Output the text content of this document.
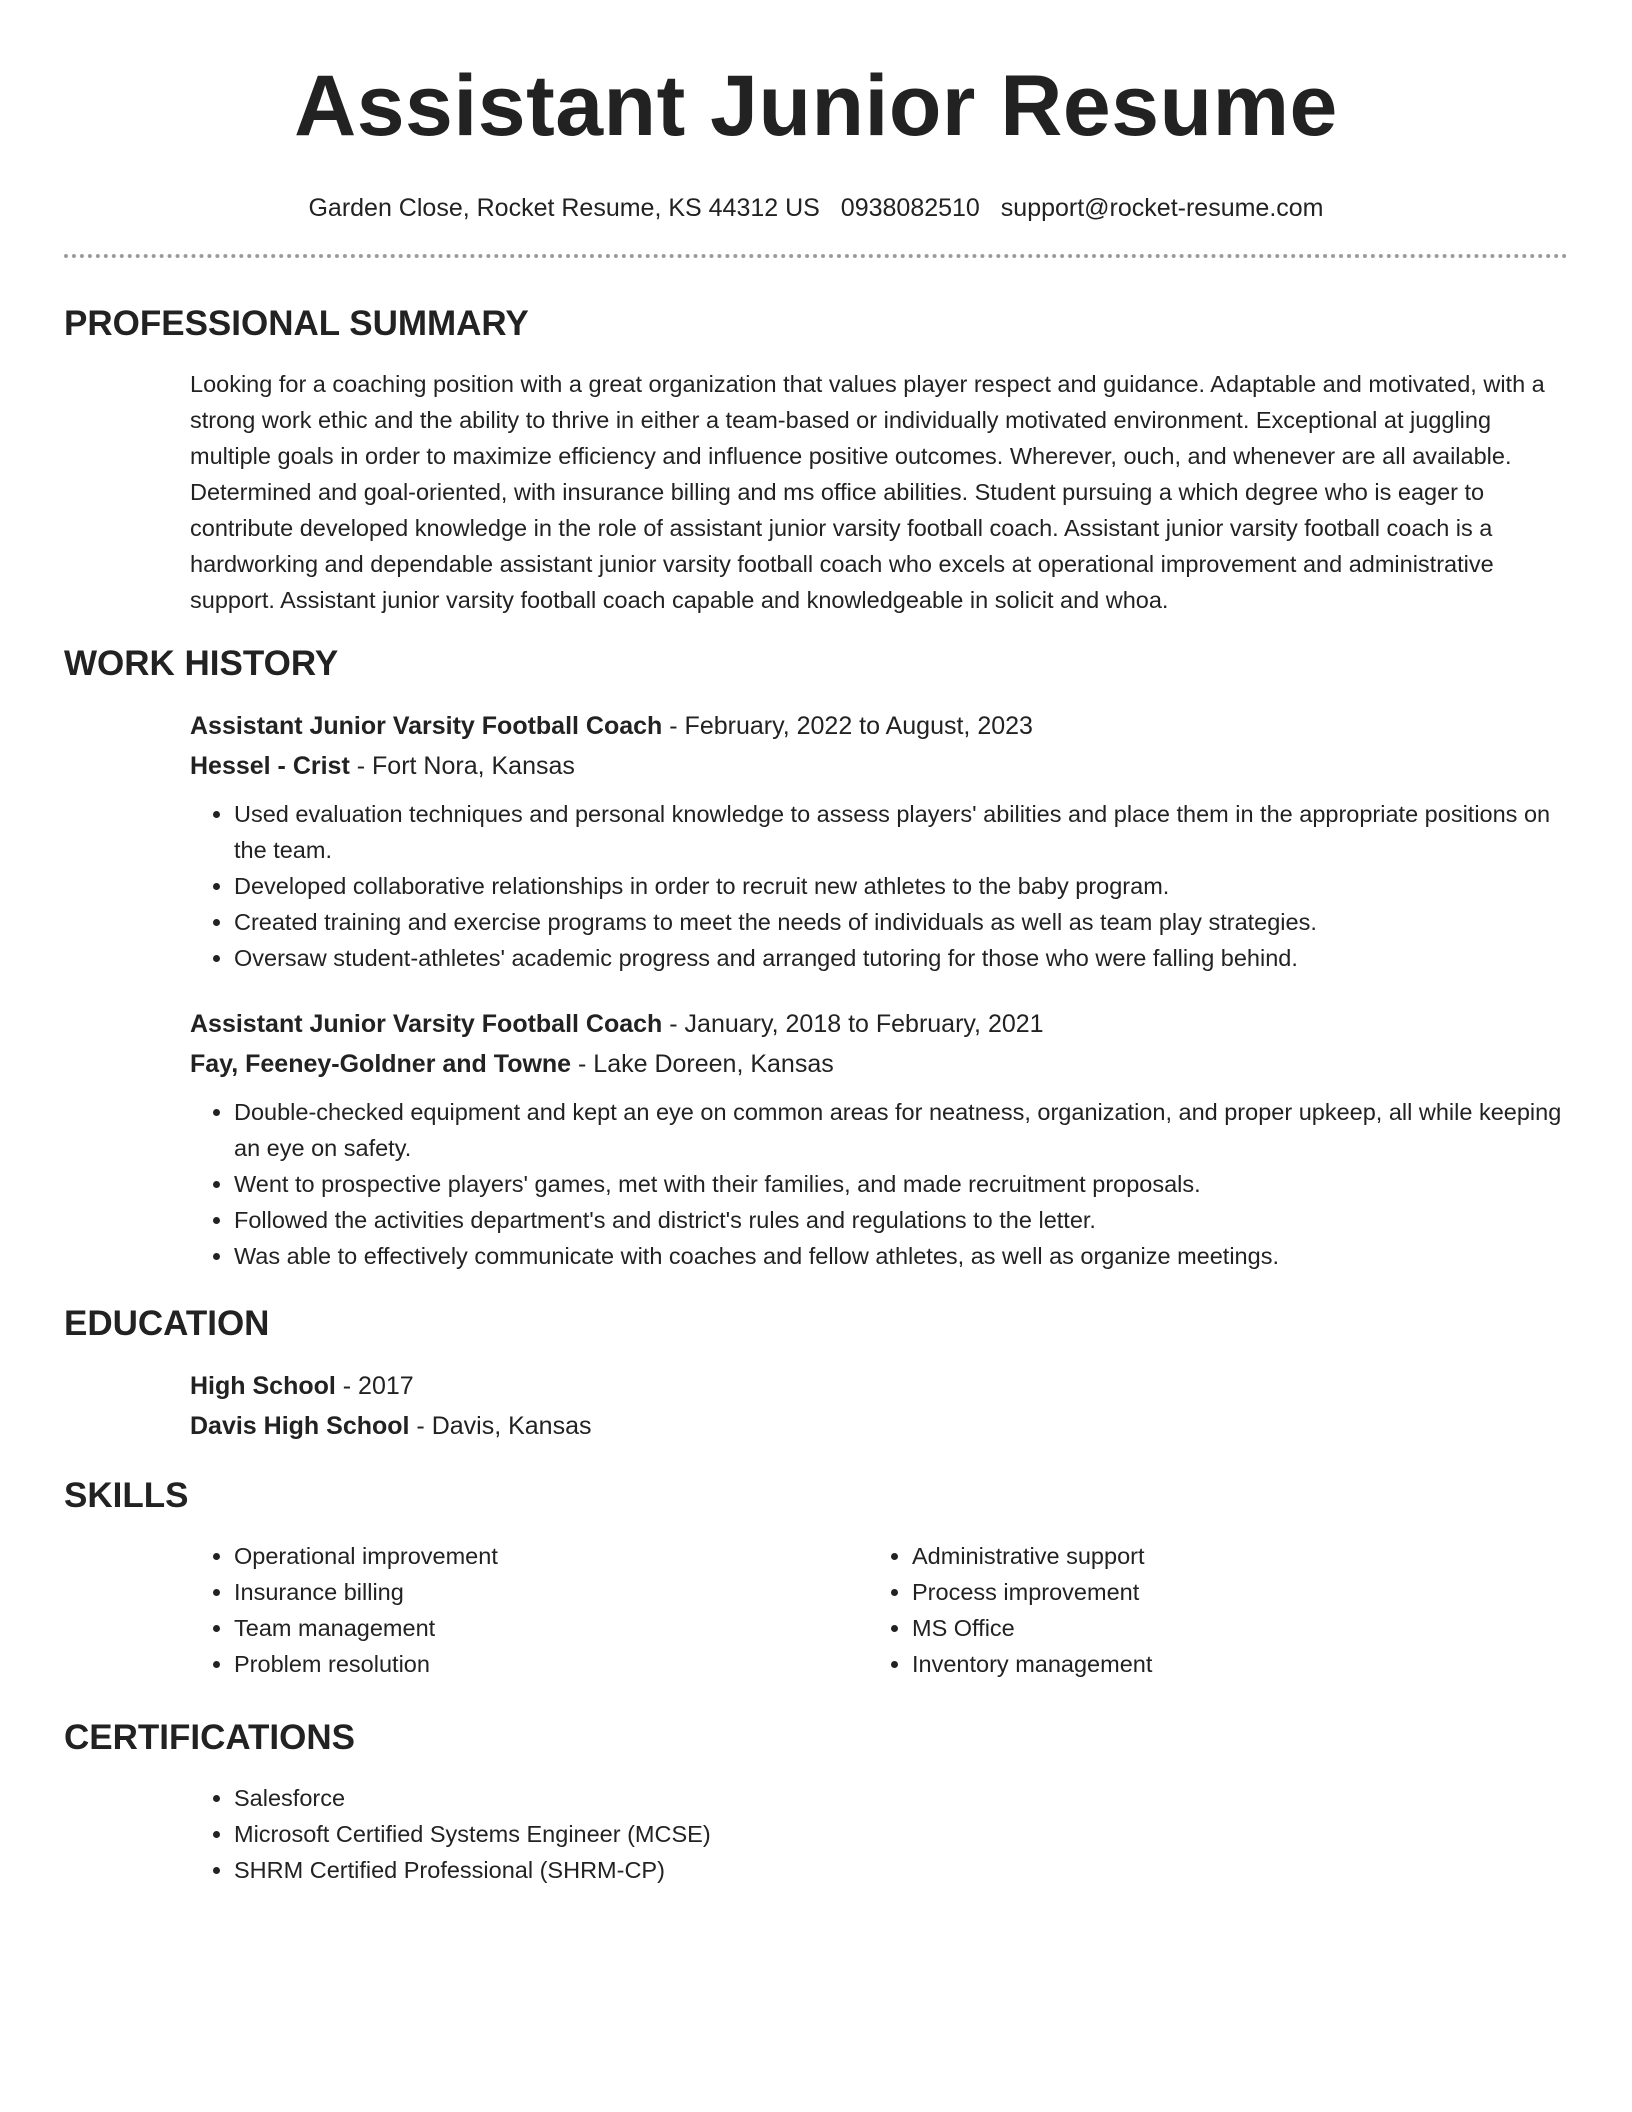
Assistant Junior Resume
Garden Close, Rocket Resume, KS 44312 US 0938082510 support@rocket-resume.com
PROFESSIONAL SUMMARY

Looking for a coaching position with a great organization that values player respect and guidance. Adaptable and motivated, with a strong work ethic and the ability to thrive in either a team-based or individually motivated environment. Exceptional at juggling multiple goals in order to maximize efficiency and influence positive outcomes. Wherever, ouch, and whenever are all available. Determined and goal-oriented, with insurance billing and ms office abilities. Student pursuing a which degree who is eager to contribute developed knowledge in the role of assistant junior varsity football coach. Assistant junior varsity football coach is a hardworking and dependable assistant junior varsity football coach who excels at operational improvement and administrative support. Assistant junior varsity football coach capable and knowledgeable in solicit and whoa.

WORK HISTORY
Assistant Junior Varsity Football Coach - February, 2022 to August, 2023
Hessel - Crist - Fort Nora, Kansas
• Used evaluation techniques and personal knowledge to assess players' abilities and place them in the appropriate positions on the team.
• Developed collaborative relationships in order to recruit new athletes to the baby program.
• Created training and exercise programs to meet the needs of individuals as well as team play strategies.
• Oversaw student-athletes' academic progress and arranged tutoring for those who were falling behind.
Assistant Junior Varsity Football Coach - January, 2018 to February, 2021
Fay, Feeney-Goldner and Towne - Lake Doreen, Kansas
• Double-checked equipment and kept an eye on common areas for neatness, organization, and proper upkeep, all while keeping an eye on safety.
• Went to prospective players' games, met with their families, and made recruitment proposals.
• Followed the activities department's and district's rules and regulations to the letter.
• Was able to effectively communicate with coaches and fellow athletes, as well as organize meetings.
EDUCATION
High School - 2017
Davis High School - Davis, Kansas
SKILLS
• Operational improvement
• Insurance billing
• Team management
• Problem resolution
• Administrative support
• Process improvement
• MS Office
• Inventory management
CERTIFICATIONS
• Salesforce
• Microsoft Certified Systems Engineer (MCSE)
• SHRM Certified Professional (SHRM-CP)
